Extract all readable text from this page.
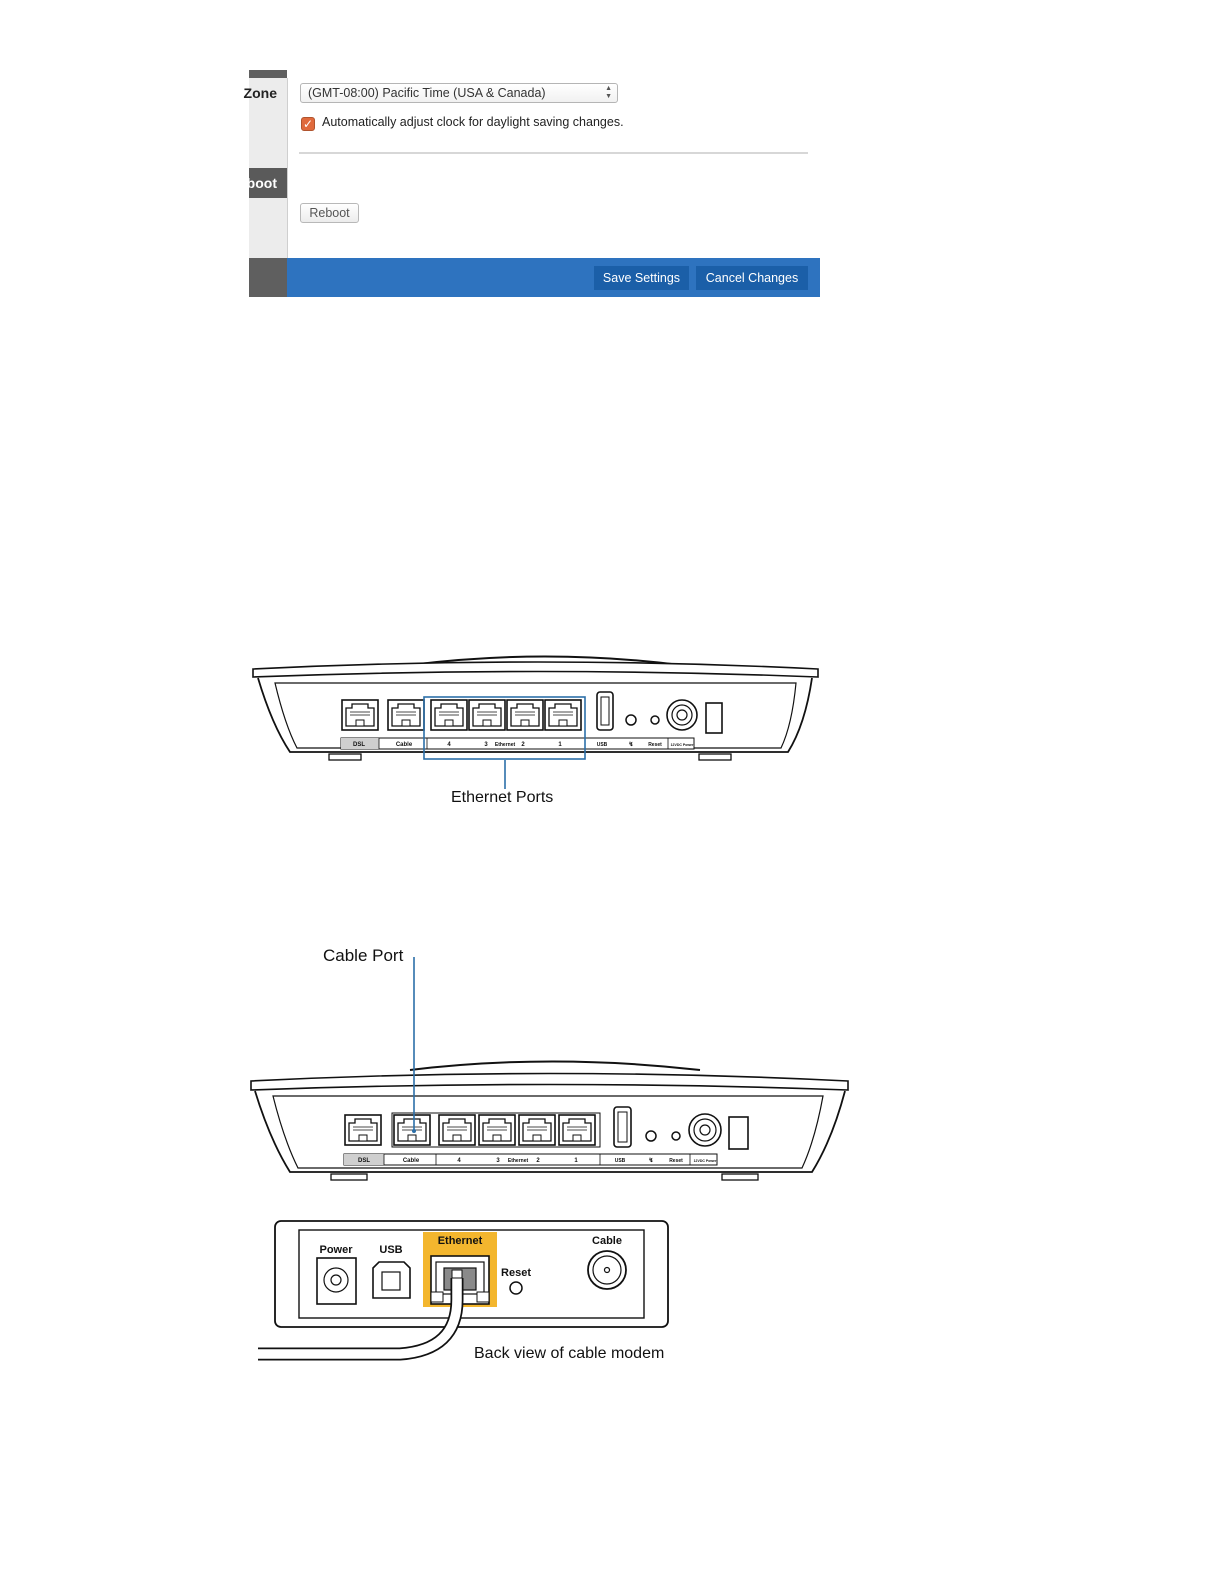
Zone
boot
(GMT-08:00) Pacific Time (USA & Canada)	▲
▼
✓ Automatically adjust clock for daylight saving changes.
Reboot
Save Settings	Cancel Changes
DSL	Cable	4	3 Ethernet 2	1	USB	↯	Reset	12VDC Power
DSL	Cable	4	3 Ethernet 2	1	USB	↯	Reset	12VDC Power
Power USB
Ethernet
Reset
Cable
Ethernet Ports
Cable Port
Back view of cable modem
